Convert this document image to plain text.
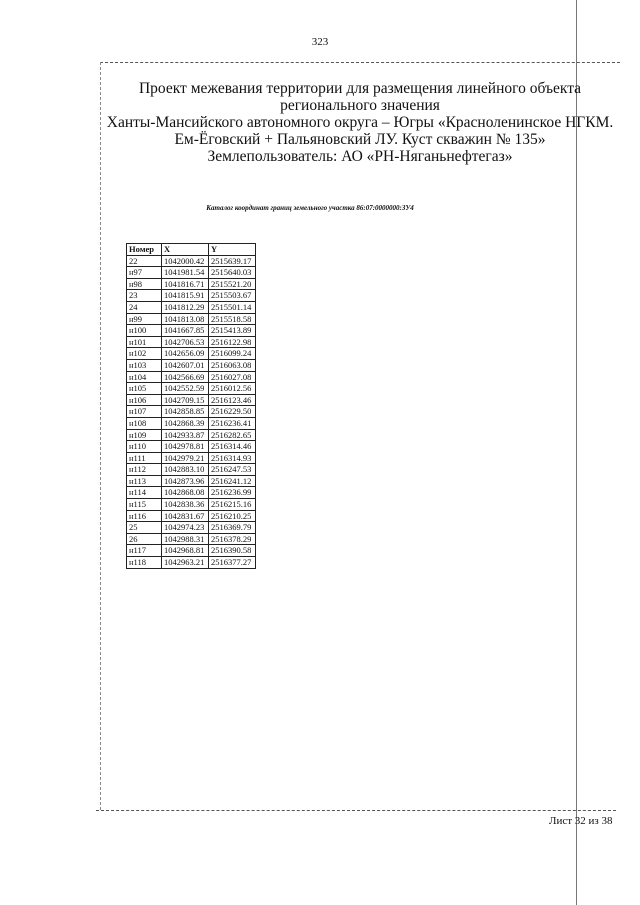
323
Проект межевания территории для размещения линейного объекта
регионального значения
Ханты-Мансийского автономного округа – Югры «Красноленинское НГКМ.
Ем-Ёговский + Пальяновский ЛУ. Куст скважин № 135»
Землепользователь: АО «РН-Няганьнефтегаз»
Каталог координат границ земельного участка 86:07:0000000:ЗУ4
Номер	X	Y
22	1042000.42	2515639.17
н97	1041981.54	2515640.03
н98	1041816.71	2515521.20
23	1041815.91	2515503.67
24	1041812.29	2515501.14
н99	1041813.08	2515518.58
н100	1041667.85	2515413.89
н101	1042706.53	2516122.98
н102	1042656.09	2516099.24
н103	1042607.01	2516063.08
н104	1042566.69	2516027.08
н105	1042552.59	2516012.56
н106	1042709.15	2516123.46
н107	1042858.85	2516229.50
н108	1042868.39	2516236.41
н109	1042933.87	2516282.65
н110	1042978.81	2516314.46
н111	1042979.21	2516314.93
н112	1042883.10	2516247.53
н113	1042873.96	2516241.12
н114	1042868.08	2516236.99
н115	1042838.36	2516215.16
н116	1042831.67	2516210.25
25	1042974.23	2516369.79
26	1042988.31	2516378.29
н117	1042968.81	2516390.58
н118	1042963.21	2516377.27
Лист 32 из 38
